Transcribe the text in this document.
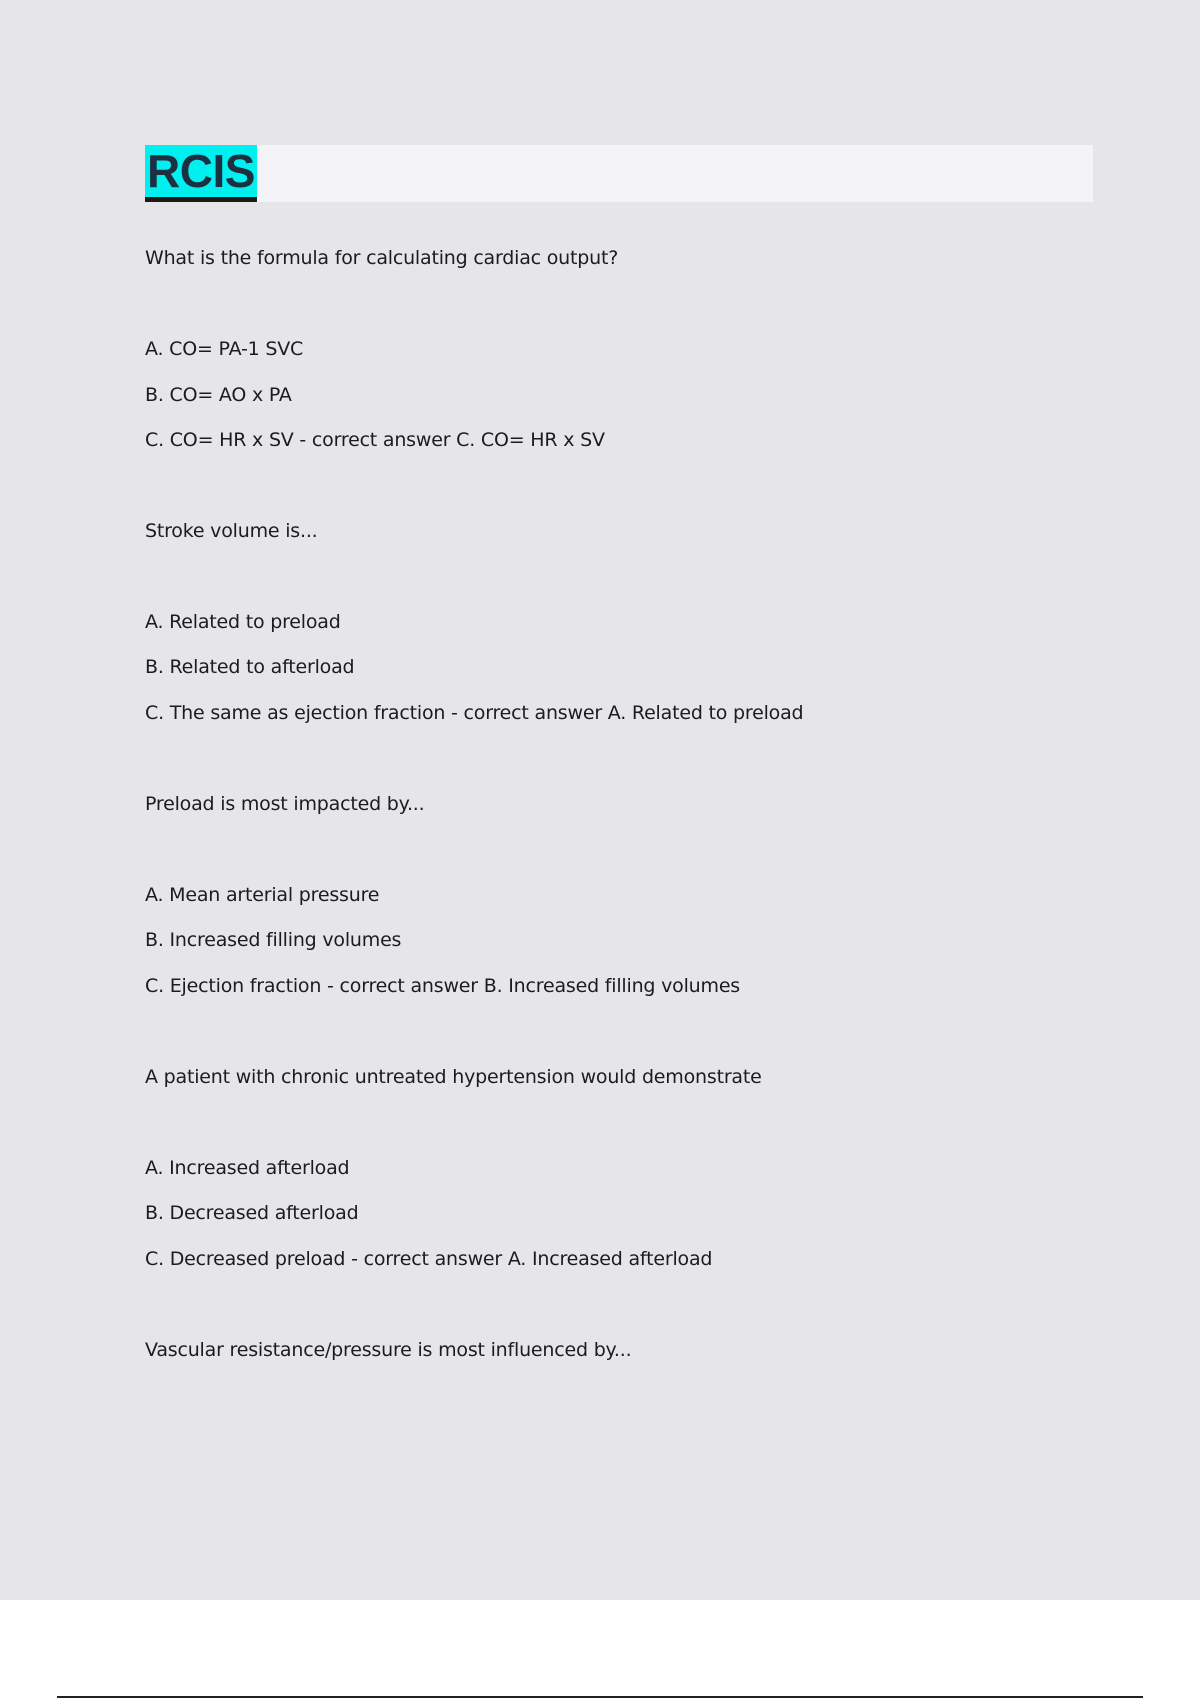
RCIS
What is the formula for calculating cardiac output?
A. CO= PA-1 SVC
B. CO= AO x PA
C. CO= HR x SV - correct answer C. CO= HR x SV
Stroke volume is...
A. Related to preload
B. Related to afterload
C. The same as ejection fraction - correct answer A. Related to preload
Preload is most impacted by...
A. Mean arterial pressure
B. Increased filling volumes
C. Ejection fraction - correct answer B. Increased filling volumes
A patient with chronic untreated hypertension would demonstrate
A. Increased afterload
B. Decreased afterload
C. Decreased preload - correct answer A. Increased afterload
Vascular resistance/pressure is most influenced by...
